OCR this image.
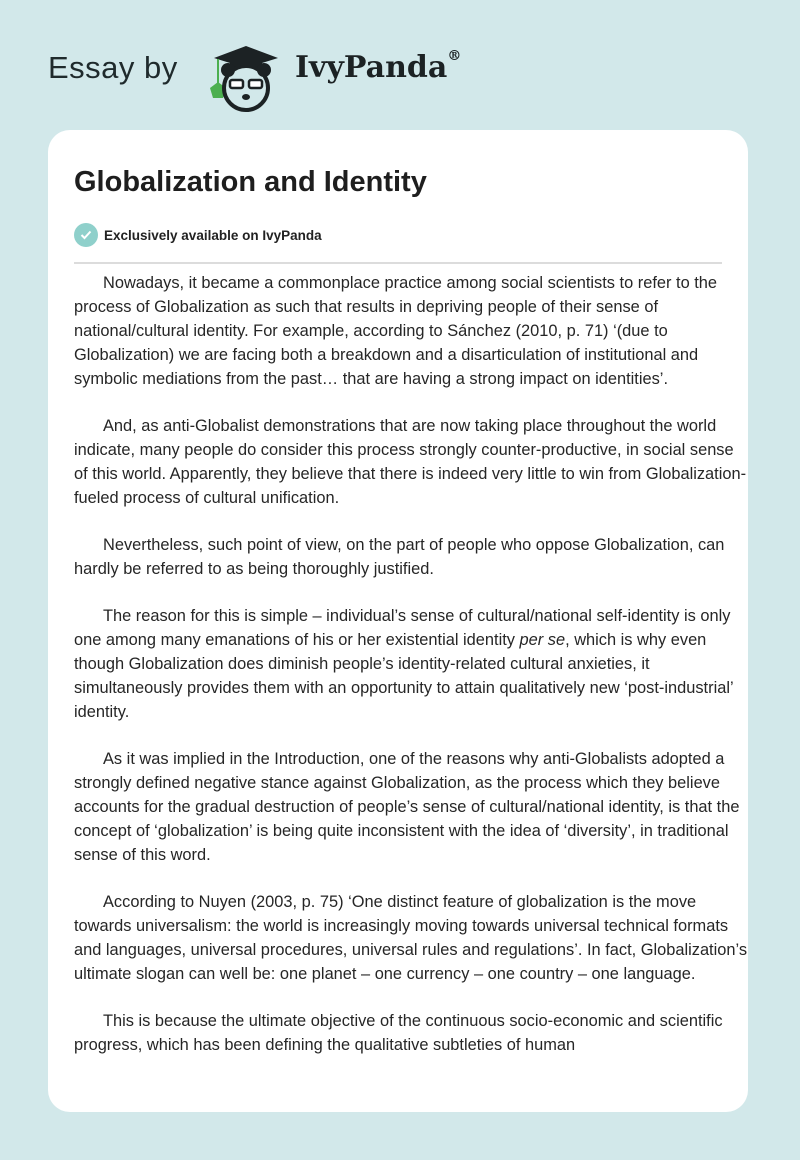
Essay by	IvyPanda®
Globalization and Identity
Exclusively available on IvyPanda

Nowadays, it became a commonplace practice among social scientists to refer to the process of Globalization as such that results in depriving people of their sense of national/cultural identity. For example, according to Sánchez (2010, p. 71) ‘(due to Globalization) we are facing both a breakdown and a disarticulation of institutional and symbolic mediations from the past… that are having a strong impact on identities’.

And, as anti-Globalist demonstrations that are now taking place throughout the world indicate, many people do consider this process strongly counter-productive, in social sense of this world. Apparently, they believe that there is indeed very little to win from Globalization-fueled process of cultural unification.

Nevertheless, such point of view, on the part of people who oppose Globalization, can hardly be referred to as being thoroughly justified.

The reason for this is simple – individual’s sense of cultural/national self-identity is only one among many emanations of his or her existential identity per se, which is why even though Globalization does diminish people’s identity-related cultural anxieties, it simultaneously provides them with an opportunity to attain qualitatively new ‘post-industrial’ identity.

As it was implied in the Introduction, one of the reasons why anti-Globalists adopted a strongly defined negative stance against Globalization, as the process which they believe accounts for the gradual destruction of people’s sense of cultural/national identity, is that the concept of ‘globalization’ is being quite inconsistent with the idea of ‘diversity’, in traditional sense of this word.

According to Nuyen (2003, p. 75) ‘One distinct feature of globalization is the move towards universalism: the world is increasingly moving towards universal technical formats and languages, universal procedures, universal rules and regulations’. In fact, Globalization’s ultimate slogan can well be: one planet – one currency – one country – one language.

This is because the ultimate objective of the continuous socio-economic and scientific progress, which has been defining the qualitative subtleties of human
